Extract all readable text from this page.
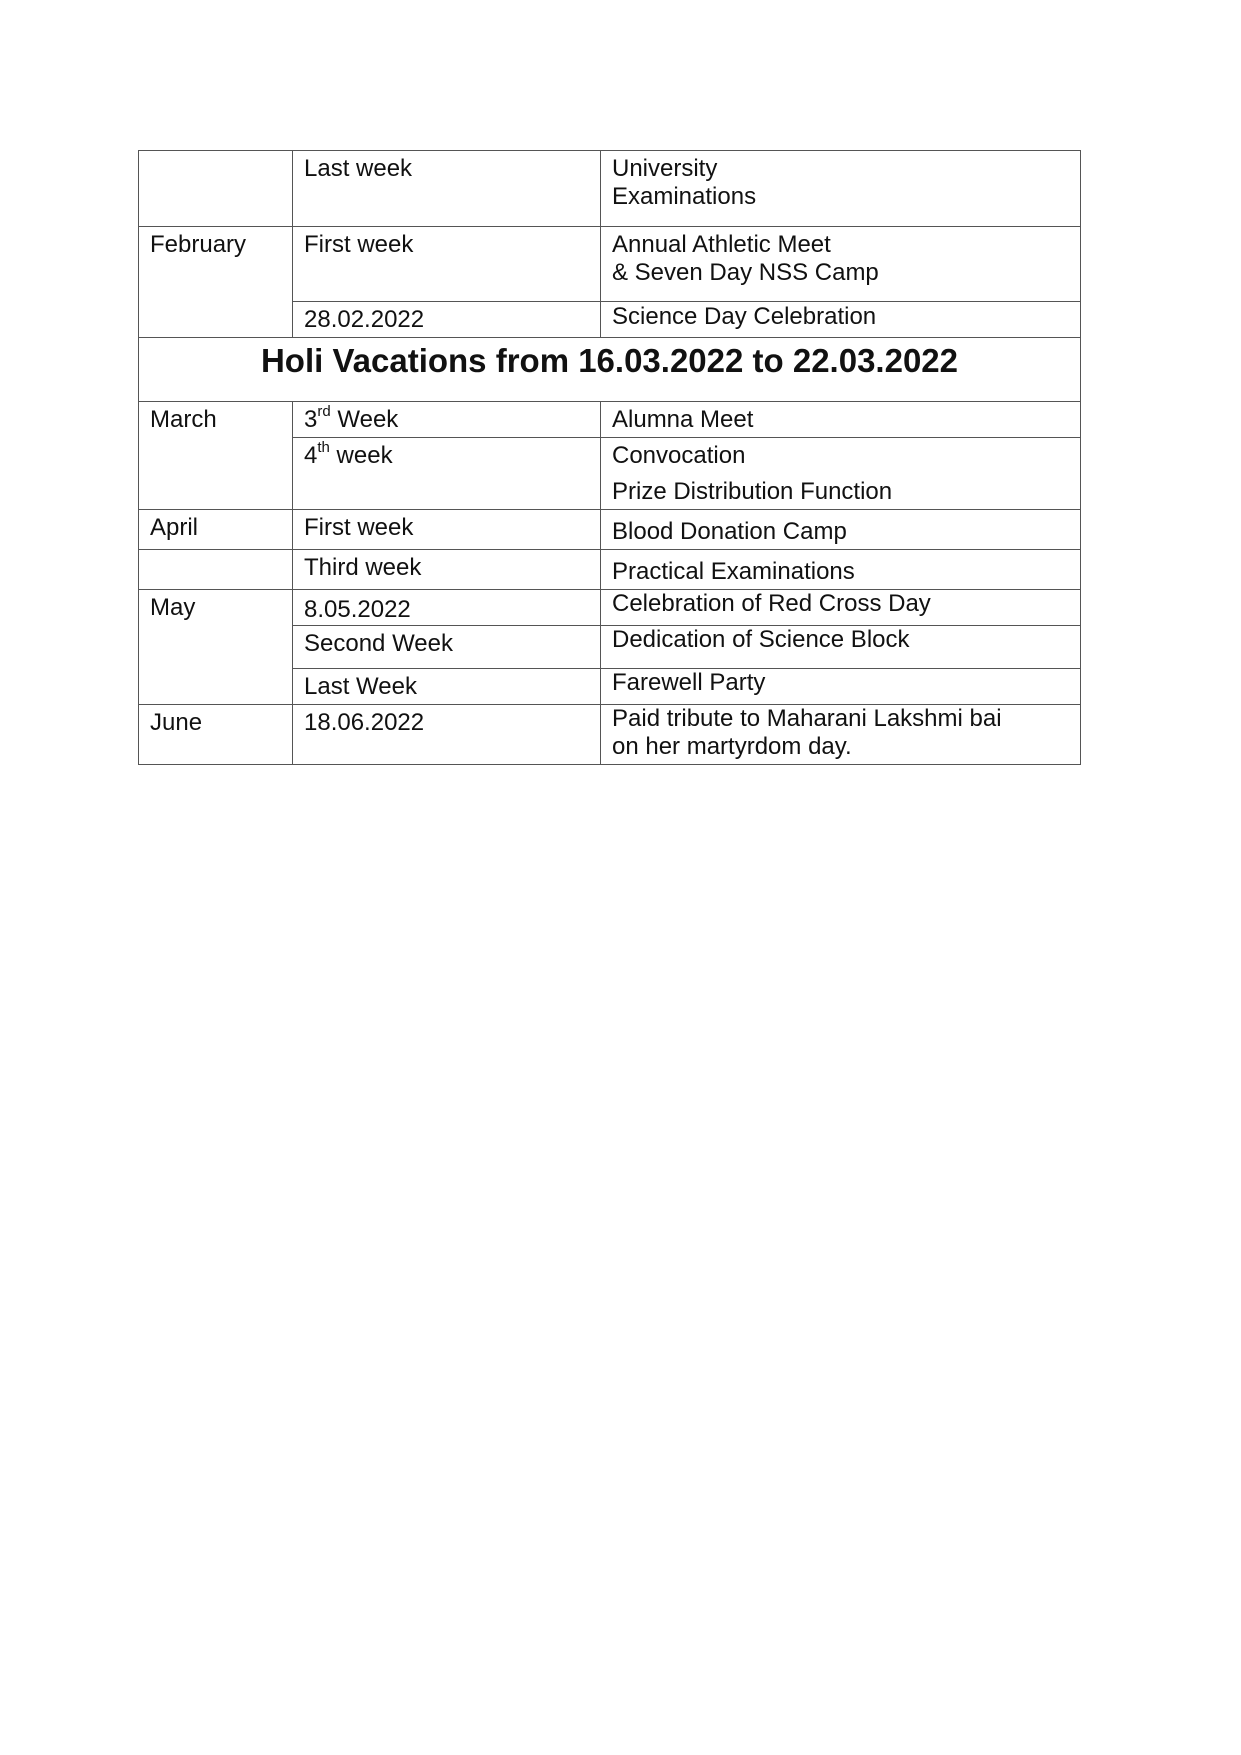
	Last week	University
Examinations

February	First week	Annual Athletic Meet
& Seven Day NSS Camp

	28.02.2022	Science Day Celebration
Holi Vacations from 16.03.2022 to 22.03.2022		
March	3rd Week	Alumna Meet
	4th week	Convocation
Prize Distribution Function

April	First week	Blood Donation Camp
	Third week	Practical Examinations
May	8.05.2022	Celebration of Red Cross Day
	Second Week	Dedication of Science Block
	Last Week	Farewell Party
June	18.06.2022	Paid tribute to Maharani Lakshmi bai
on her martyrdom day.
